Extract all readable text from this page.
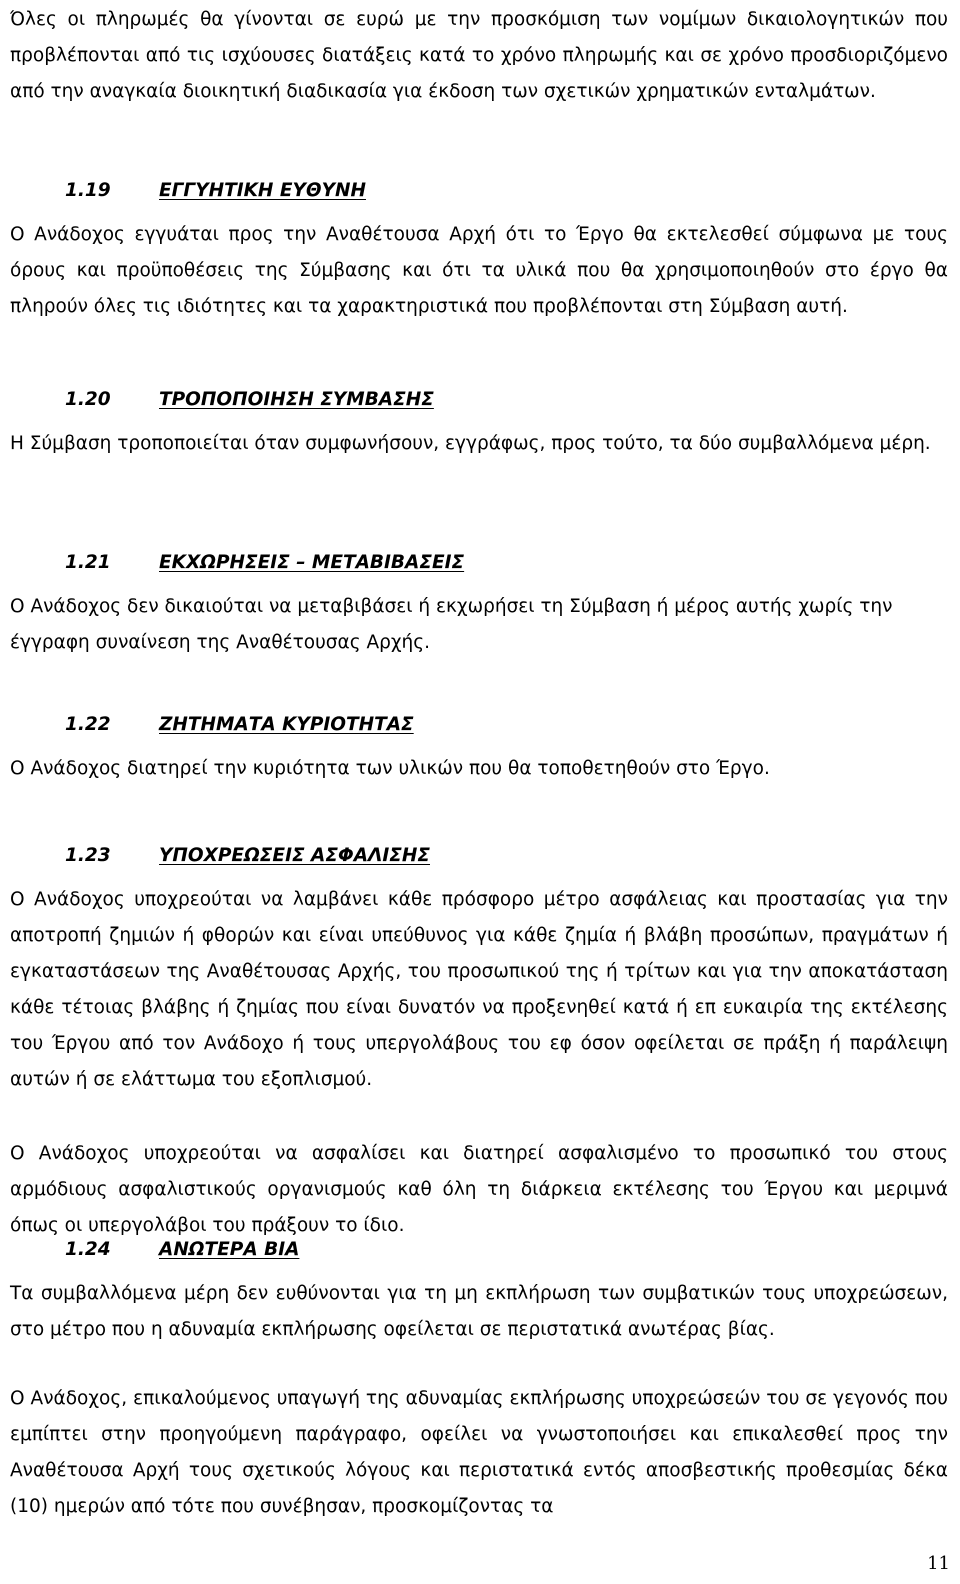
Όλες οι πληρωμές θα γίνονται σε ευρώ με την προσκόμιση των νομίμων δικαιολογητικών που προβλέπονται από τις ισχύουσες διατάξεις κατά το χρόνο πληρωμής και σε χρόνο προσδιοριζόμενο από την αναγκαία διοικητική διαδικασία για έκδοση των σχετικών χρηματικών ενταλμάτων.

1.19	ΕΓΓΥΗΤΙΚΗ ΕΥΘΥΝΗ

Ο Ανάδοχος εγγυάται προς την Αναθέτουσα Αρχή ότι το Έργο θα εκτελεσθεί σύμφωνα με τους όρους και προϋποθέσεις της Σύμβασης και ότι τα υλικά που θα χρησιμοποιηθούν στο έργο θα πληρούν όλες τις ιδιότητες και τα χαρακτηριστικά που προβλέπονται στη Σύμβαση αυτή.

1.20	ΤΡΟΠΟΠΟΙΗΣΗ ΣΥΜΒΑΣΗΣ

Η Σύμβαση τροποποιείται όταν συμφωνήσουν, εγγράφως, προς τούτο, τα δύο συμβαλλόμενα μέρη.

1.21	ΕΚΧΩΡΗΣΕΙΣ – ΜΕΤΑΒΙΒΑΣΕΙΣ

Ο Ανάδοχος δεν δικαιούται να μεταβιβάσει ή εκχωρήσει τη Σύμβαση ή μέρος αυτής χωρίς την έγγραφη συναίνεση της Αναθέτουσας Αρχής.

1.22	ΖΗΤΗΜΑΤΑ ΚΥΡΙΟΤΗΤΑΣ

Ο Ανάδοχος διατηρεί την κυριότητα των υλικών που θα τοποθετηθούν στο Έργο.

1.23	ΥΠΟΧΡΕΩΣΕΙΣ ΑΣΦΑΛΙΣΗΣ

Ο Ανάδοχος υποχρεούται να λαμβάνει κάθε πρόσφορο μέτρο ασφάλειας και προστασίας για την αποτροπή ζημιών ή φθορών και είναι υπεύθυνος για κάθε ζημία ή βλάβη προσώπων, πραγμάτων ή εγκαταστάσεων της Αναθέτουσας Αρχής, του προσωπικού της ή τρίτων και για την αποκατάσταση κάθε τέτοιας βλάβης ή ζημίας που είναι δυνατόν να προξενηθεί κατά ή επ ευκαιρία της εκτέλεσης του Έργου από τον Ανάδοχο ή τους υπεργολάβους του εφ όσον οφείλεται σε πράξη ή παράλειψη αυτών ή σε ελάττωμα του εξοπλισμού.

Ο Ανάδοχος υποχρεούται να ασφαλίσει και διατηρεί ασφαλισμένο το προσωπικό του στους αρμόδιους ασφαλιστικούς οργανισμούς καθ όλη τη διάρκεια εκτέλεσης του Έργου και μεριμνά όπως οι υπεργολάβοι του πράξουν το ίδιο.

1.24	ΑΝΩΤΕΡΑ ΒΙΑ

Τα συμβαλλόμενα μέρη δεν ευθύνονται για τη μη εκπλήρωση των συμβατικών τους υποχρεώσεων, στο μέτρο που η αδυναμία εκπλήρωσης οφείλεται σε περιστατικά ανωτέρας βίας.

Ο Ανάδοχος, επικαλούμενος υπαγωγή της αδυναμίας εκπλήρωσης υποχρεώσεών του σε γεγονός που εμπίπτει στην προηγούμενη παράγραφο, οφείλει να γνωστοποιήσει και επικαλεσθεί προς την Αναθέτουσα Αρχή τους σχετικούς λόγους και περιστατικά εντός αποσβεστικής προθεσμίας δέκα (10) ημερών από τότε που συνέβησαν, προσκομίζοντας τα

11
